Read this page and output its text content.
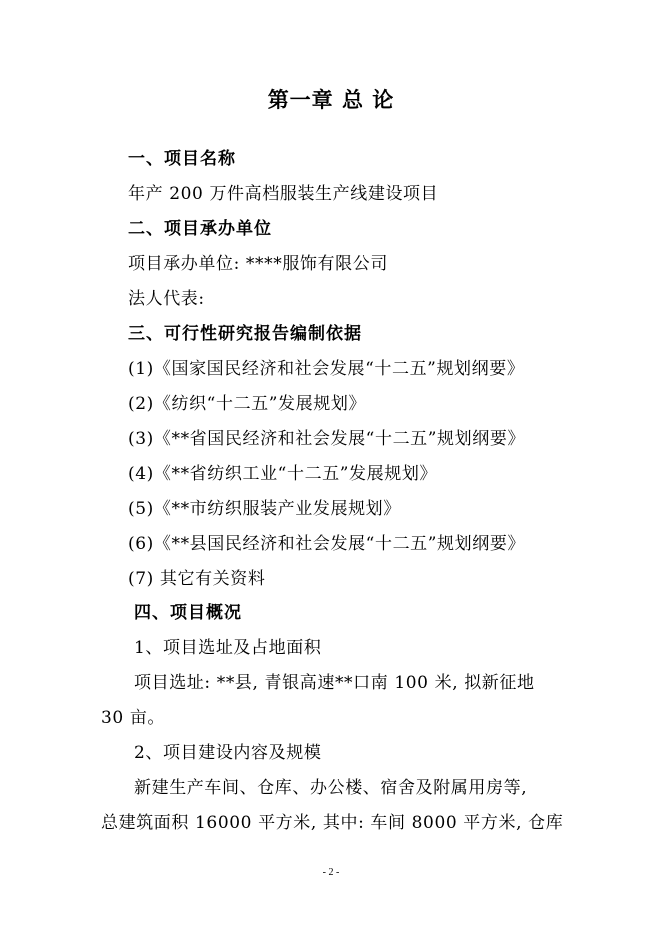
第一章 总 论
一、项目名称
年产 200 万件高档服装生产线建设项目
二、项目承办单位
项目承办单位: ****服饰有限公司
法人代表:
三、可行性研究报告编制依据
(1)《国家国民经济和社会发展“十二五”规划纲要》
(2)《纺织“十二五”发展规划》
(3)《**省国民经济和社会发展“十二五”规划纲要》
(4)《**省纺织工业“十二五”发展规划》
(5)《**市纺织服装产业发展规划》
(6)《**县国民经济和社会发展“十二五”规划纲要》
(7) 其它有关资料
四、项目概况
1、项目选址及占地面积
项目选址: **县, 青银高速**口南 100 米, 拟新征地
30 亩。
2、项目建设内容及规模
新建生产车间、仓库、办公楼、宿舍及附属用房等,
总建筑面积 16000 平方米, 其中: 车间 8000 平方米, 仓库
- 2 -
